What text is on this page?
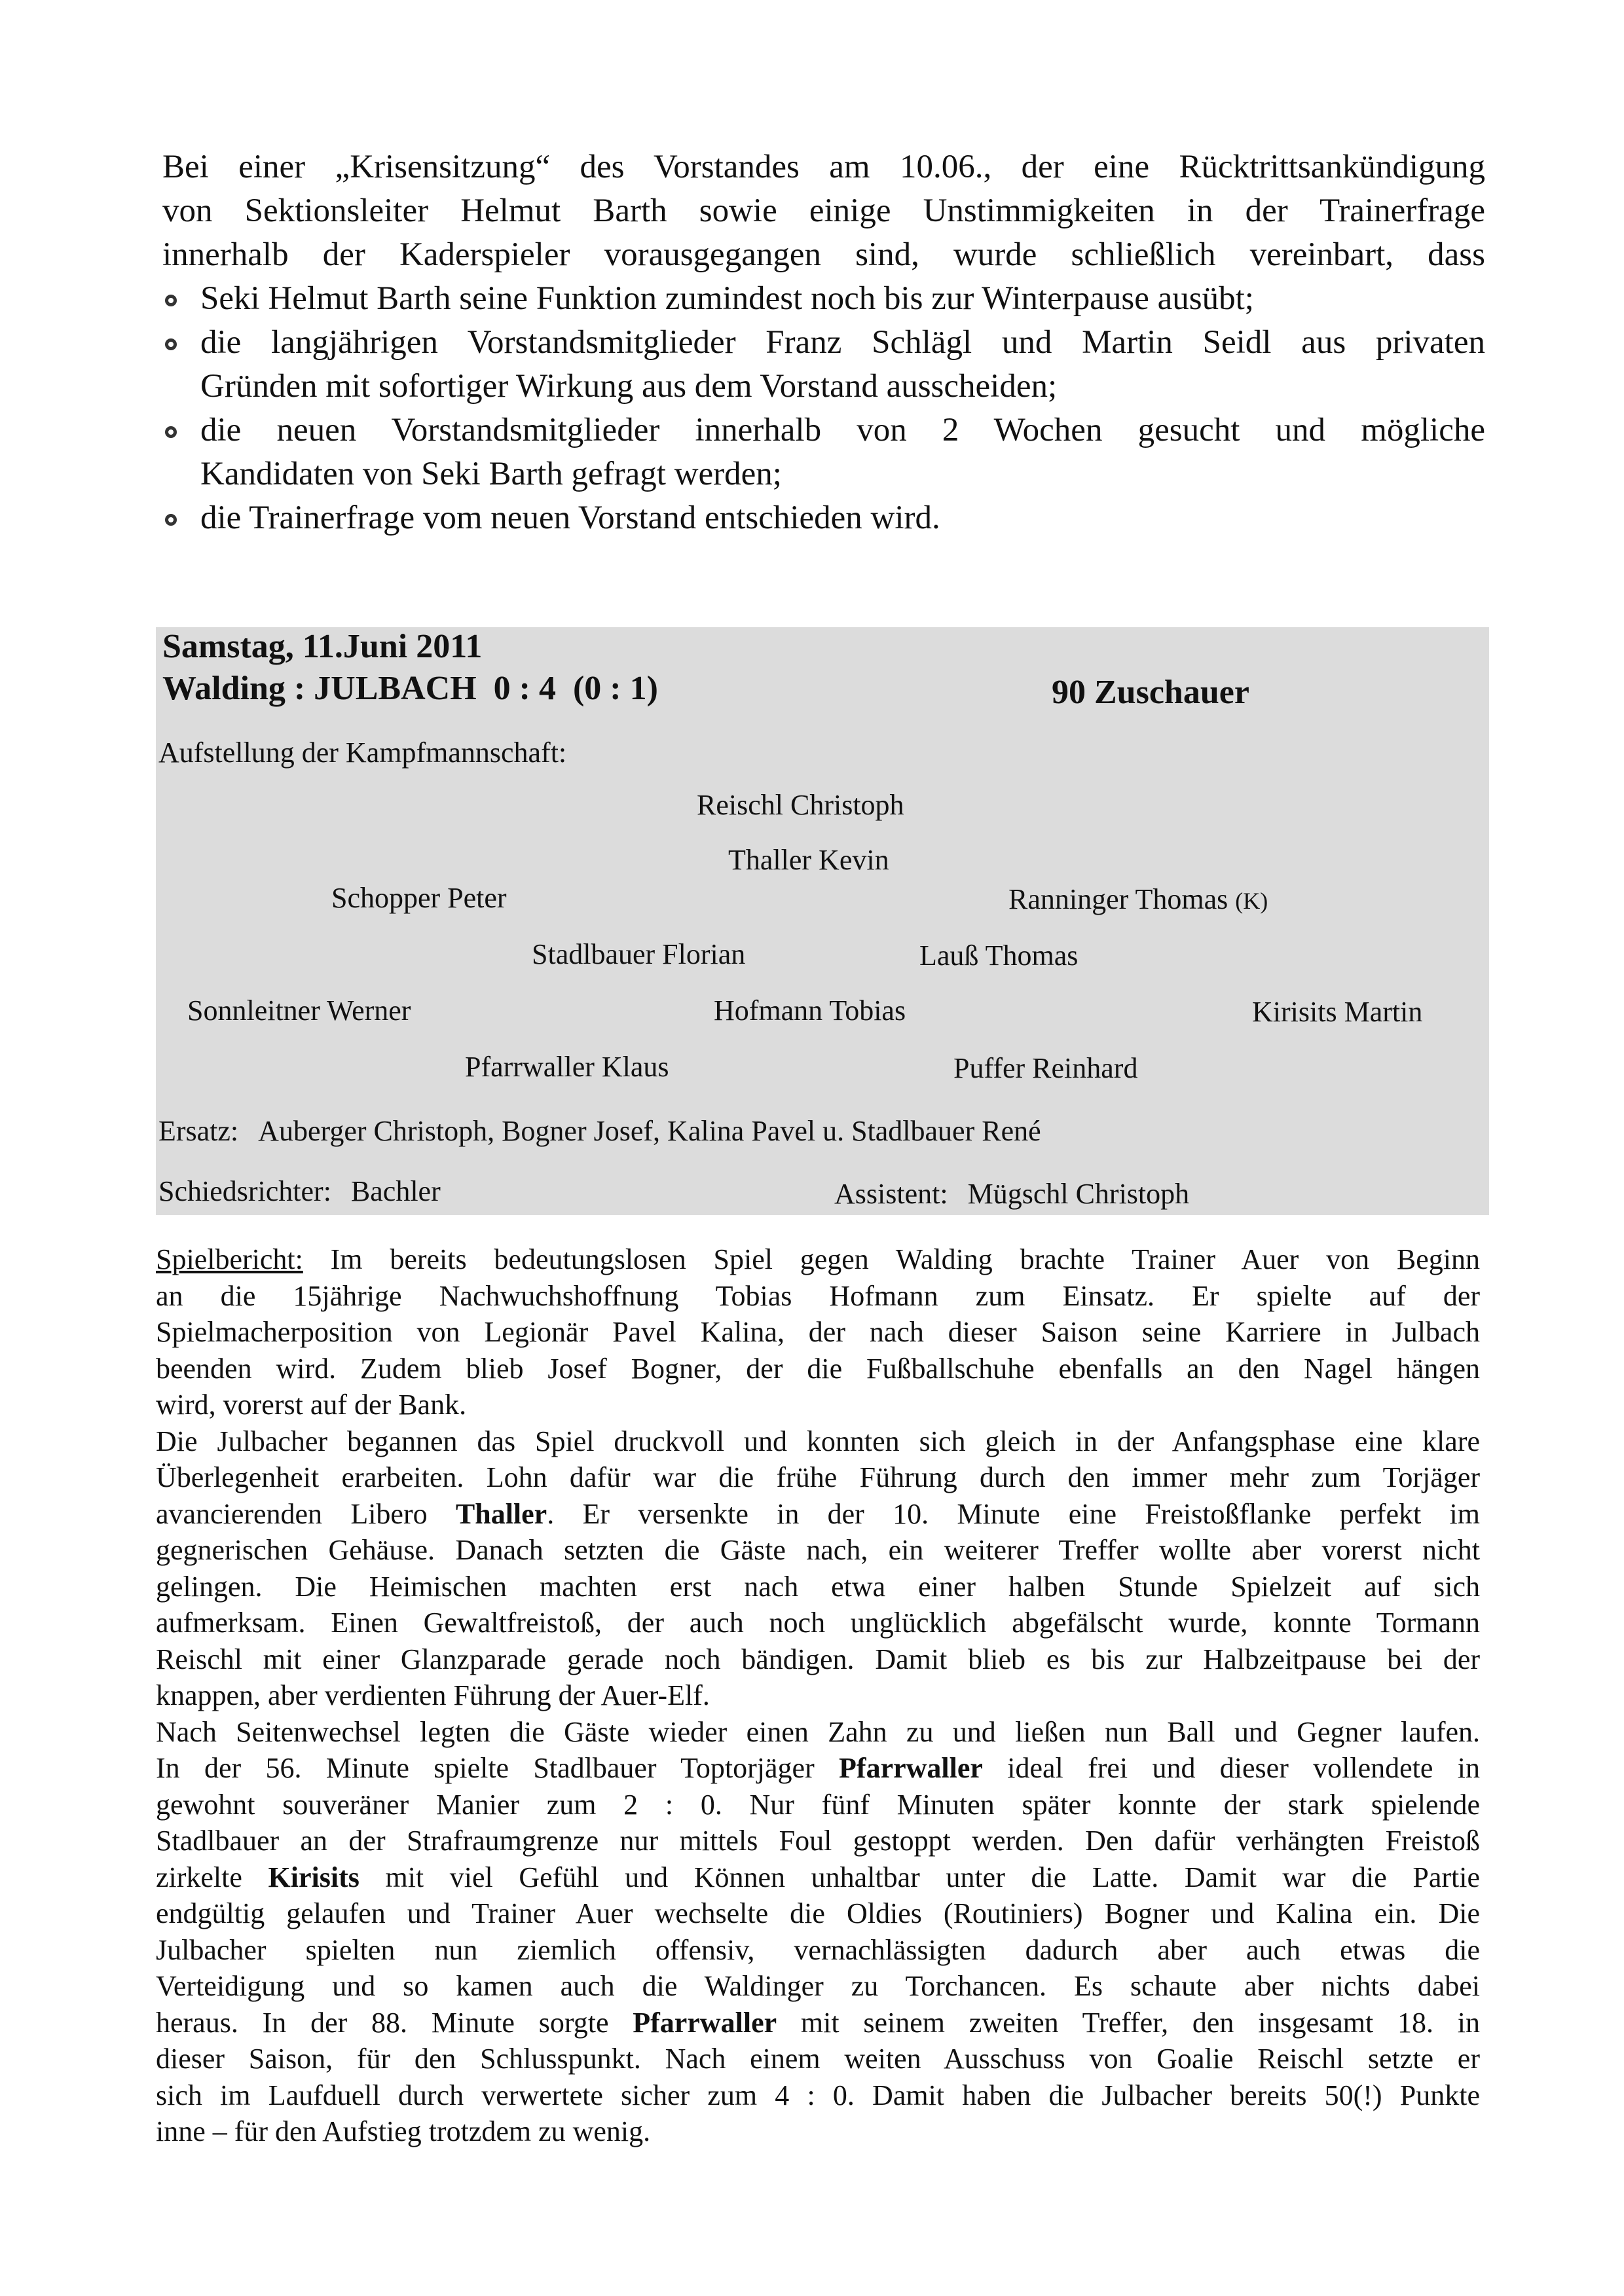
Bei einer „Krisensitzung“ des Vorstandes am 10.06., der eine Rücktrittsankündigung
von Sektionsleiter Helmut Barth sowie einige Unstimmigkeiten in der Trainerfrage
innerhalb der Kaderspieler vorausgegangen sind, wurde schließlich vereinbart, dass
Seki Helmut Barth seine Funktion zumindest noch bis zur Winterpause ausübt;
die langjährigen Vorstandsmitglieder Franz Schlägl und Martin Seidl aus privaten
Gründen mit sofortiger Wirkung aus dem Vorstand ausscheiden;
die neuen Vorstandsmitglieder innerhalb von 2 Wochen gesucht und mögliche
Kandidaten von Seki Barth gefragt werden;
die Trainerfrage vom neuen Vorstand entschieden wird.
Samstag, 11.Juni 2011
Walding : JULBACH  0 : 4  (0 : 1)	90 Zuschauer
Aufstellung der Kampfmannschaft:
Reischl Christoph
Thaller Kevin
Schopper Peter	Ranninger Thomas (K)
Stadlbauer Florian	Lauß Thomas
Sonnleitner Werner	Hofmann Tobias	Kirisits Martin
Pfarrwaller Klaus	Puffer Reinhard
Ersatz: Auberger Christoph, Bogner Josef, Kalina Pavel u. Stadlbauer René
Schiedsrichter: Bachler	Assistent: Mügschl Christoph
Spielbericht: Im bereits bedeutungslosen Spiel gegen Walding brachte Trainer Auer von Beginn
an die 15jährige Nachwuchshoffnung Tobias Hofmann zum Einsatz. Er spielte auf der
Spielmacherposition von Legionär Pavel Kalina, der nach dieser Saison seine Karriere in Julbach
beenden wird. Zudem blieb Josef Bogner, der die Fußballschuhe ebenfalls an den Nagel hängen
wird, vorerst auf der Bank.
Die Julbacher begannen das Spiel druckvoll und konnten sich gleich in der Anfangsphase eine klare
Überlegenheit erarbeiten. Lohn dafür war die frühe Führung durch den immer mehr zum Torjäger
avancierenden Libero Thaller. Er versenkte in der 10. Minute eine Freistoßflanke perfekt im
gegnerischen Gehäuse. Danach setzten die Gäste nach, ein weiterer Treffer wollte aber vorerst nicht
gelingen. Die Heimischen machten erst nach etwa einer halben Stunde Spielzeit auf sich
aufmerksam. Einen Gewaltfreistoß, der auch noch unglücklich abgefälscht wurde, konnte Tormann
Reischl mit einer Glanzparade gerade noch bändigen. Damit blieb es bis zur Halbzeitpause bei der
knappen, aber verdienten Führung der Auer-Elf.
Nach Seitenwechsel legten die Gäste wieder einen Zahn zu und ließen nun Ball und Gegner laufen.
In der 56. Minute spielte Stadlbauer Toptorjäger Pfarrwaller ideal frei und dieser vollendete in
gewohnt souveräner Manier zum 2 : 0. Nur fünf Minuten später konnte der stark spielende
Stadlbauer an der Strafraumgrenze nur mittels Foul gestoppt werden. Den dafür verhängten Freistoß
zirkelte Kirisits mit viel Gefühl und Können unhaltbar unter die Latte. Damit war die Partie
endgültig gelaufen und Trainer Auer wechselte die Oldies (Routiniers) Bogner und Kalina ein. Die
Julbacher spielten nun ziemlich offensiv, vernachlässigten dadurch aber auch etwas die
Verteidigung und so kamen auch die Waldinger zu Torchancen. Es schaute aber nichts dabei
heraus. In der 88. Minute sorgte Pfarrwaller mit seinem zweiten Treffer, den insgesamt 18. in
dieser Saison, für den Schlusspunkt. Nach einem weiten Ausschuss von Goalie Reischl setzte er
sich im Laufduell durch verwertete sicher zum 4 : 0. Damit haben die Julbacher bereits 50(!) Punkte
inne – für den Aufstieg trotzdem zu wenig.
